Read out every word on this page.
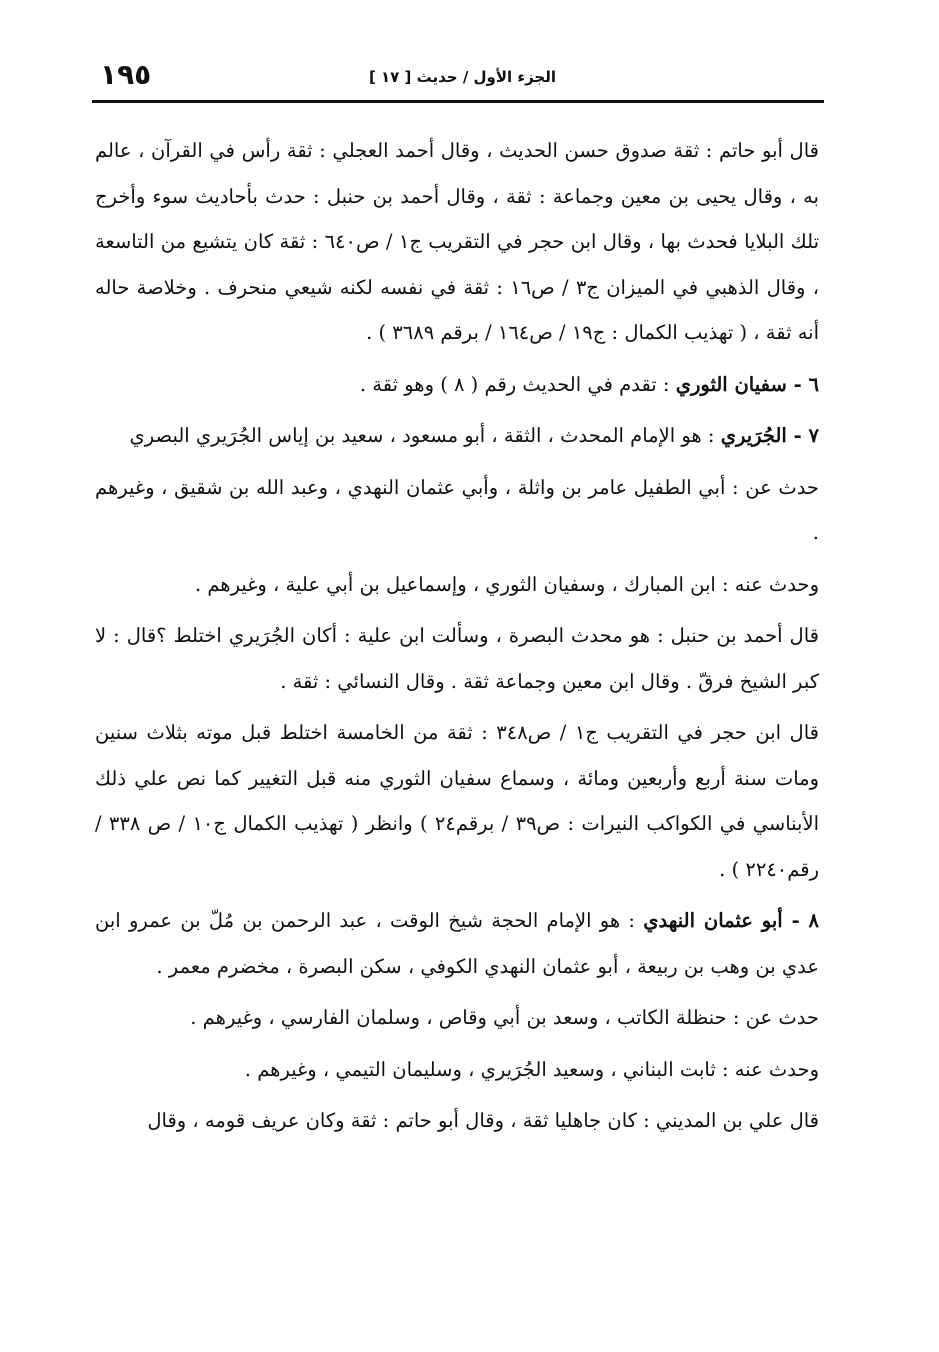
الجزء الأول / حديث [ ١٧ ]
١٩٥

قال أبو حاتم : ثقة صدوق حسن الحديث ، وقال أحمد العجلي : ثقة رأس في القرآن ، عالم به ، وقال يحيى بن معين وجماعة : ثقة ، وقال أحمد بن حنبل : حدث بأحاديث سوء وأخرج تلك البلايا فحدث بها ، وقال ابن حجر في التقريب ج١ / ص٦٤٠ : ثقة كان يتشيع من التاسعة ، وقال الذهبي في الميزان ج٣ / ص١٦ : ثقة في نفسه لكنه شيعي منحرف . وخلاصة حاله أنه ثقة ، ( تهذيب الكمال : ج١٩ / ص١٦٤ / برقم ٣٦٨٩ ) .

٦ - سفيان الثوري : تقدم في الحديث رقم ( ٨ ) وهو ثقة .

٧ - الجُرَيري : هو الإمام المحدث ، الثقة ، أبو مسعود ، سعيد بن إياس الجُرَيري البصري

حدث عن : أبي الطفيل عامر بن واثلة ، وأبي عثمان النهدي ، وعبد الله بن شقيق ، وغيرهم .

وحدث عنه : ابن المبارك ، وسفيان الثوري ، وإسماعيل بن أبي علية ، وغيرهم .

قال أحمد بن حنبل : هو محدث البصرة ، وسألت ابن علية : أكان الجُرَيري اختلط ؟قال : لا كبر الشيخ فرقّ . وقال ابن معين وجماعة ثقة . وقال النسائي : ثقة .

قال ابن حجر في التقريب ج١ / ص٣٤٨ : ثقة من الخامسة اختلط قبل موته بثلاث سنين ومات سنة أربع وأربعين ومائة ، وسماع سفيان الثوري منه قبل التغيير كما نص علي ذلك الأبناسي في الكواكب النيرات : ص٣٩ / برقم٢٤ ) وانظر ( تهذيب الكمال ج١٠ / ص ٣٣٨ / رقم٢٢٤٠ ) .

٨ - أبو عثمان النهدي : هو الإمام الحجة شيخ الوقت ، عبد الرحمن بن مُلّ بن عمرو ابن عدي بن وهب بن ربيعة ، أبو عثمان النهدي الكوفي ، سكن البصرة ، مخضرم معمر .

حدث عن : حنظلة الكاتب ، وسعد بن أبي وقاص ، وسلمان الفارسي ، وغيرهم .

وحدث عنه : ثابت البناني ، وسعيد الجُرَيري ، وسليمان التيمي ، وغيرهم .

قال علي بن المديني : كان جاهليا ثقة ، وقال أبو حاتم : ثقة وكان عريف قومه ، وقال
